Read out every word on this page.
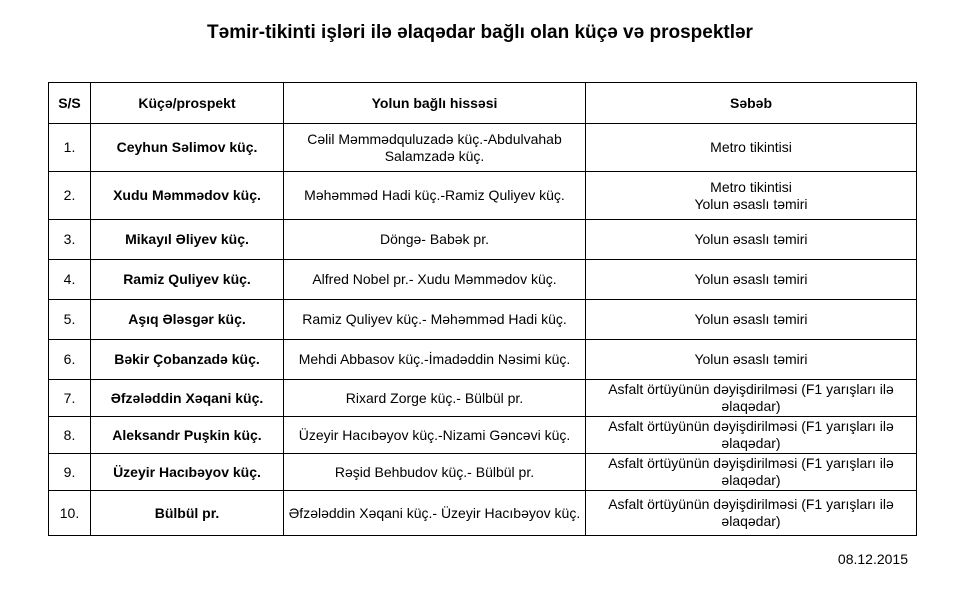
Təmir-tikinti işləri ilə əlaqədar bağlı olan küçə və prospektlər
S/S	Küçə/prospekt	Yolun bağlı hissəsi	Səbəb
1.	Ceyhun Səlimov küç.	Cəlil Məmmədquluzadə küç.-Abdulvahab Salamzadə küç.	Metro tikintisi
2.	Xudu Məmmədov küç.	Məhəmməd Hadi küç.-Ramiz Quliyev küç.	Metro tikintisi
Yolun əsaslı təmiri
3.	Mikayıl Əliyev küç.	Döngə- Babək pr.	Yolun əsaslı təmiri
4.	Ramiz Quliyev küç.	Alfred Nobel pr.- Xudu Məmmədov küç.	Yolun əsaslı təmiri
5.	Aşıq Ələsgər küç.	Ramiz Quliyev küç.- Məhəmməd Hadi küç.	Yolun əsaslı təmiri
6.	Bəkir Çobanzadə küç.	Mehdi Abbasov küç.-İmadəddin Nəsimi küç.	Yolun əsaslı təmiri
7.	Əfzələddin Xəqani küç.	Rixard Zorge küç.- Bülbül pr.	Asfalt örtüyünün dəyişdirilməsi (F1 yarışları ilə əlaqədar)
8.	Aleksandr Puşkin küç.	Üzeyir Hacıbəyov küç.-Nizami Gəncəvi küç.	Asfalt örtüyünün dəyişdirilməsi (F1 yarışları ilə əlaqədar)
9.	Üzeyir Hacıbəyov küç.	Rəşid Behbudov küç.- Bülbül pr.	Asfalt örtüyünün dəyişdirilməsi (F1 yarışları ilə əlaqədar)
10.	Bülbül pr.	Əfzələddin Xəqani küç.- Üzeyir Hacıbəyov küç.	Asfalt örtüyünün dəyişdirilməsi (F1 yarışları ilə əlaqədar)
08.12.2015
